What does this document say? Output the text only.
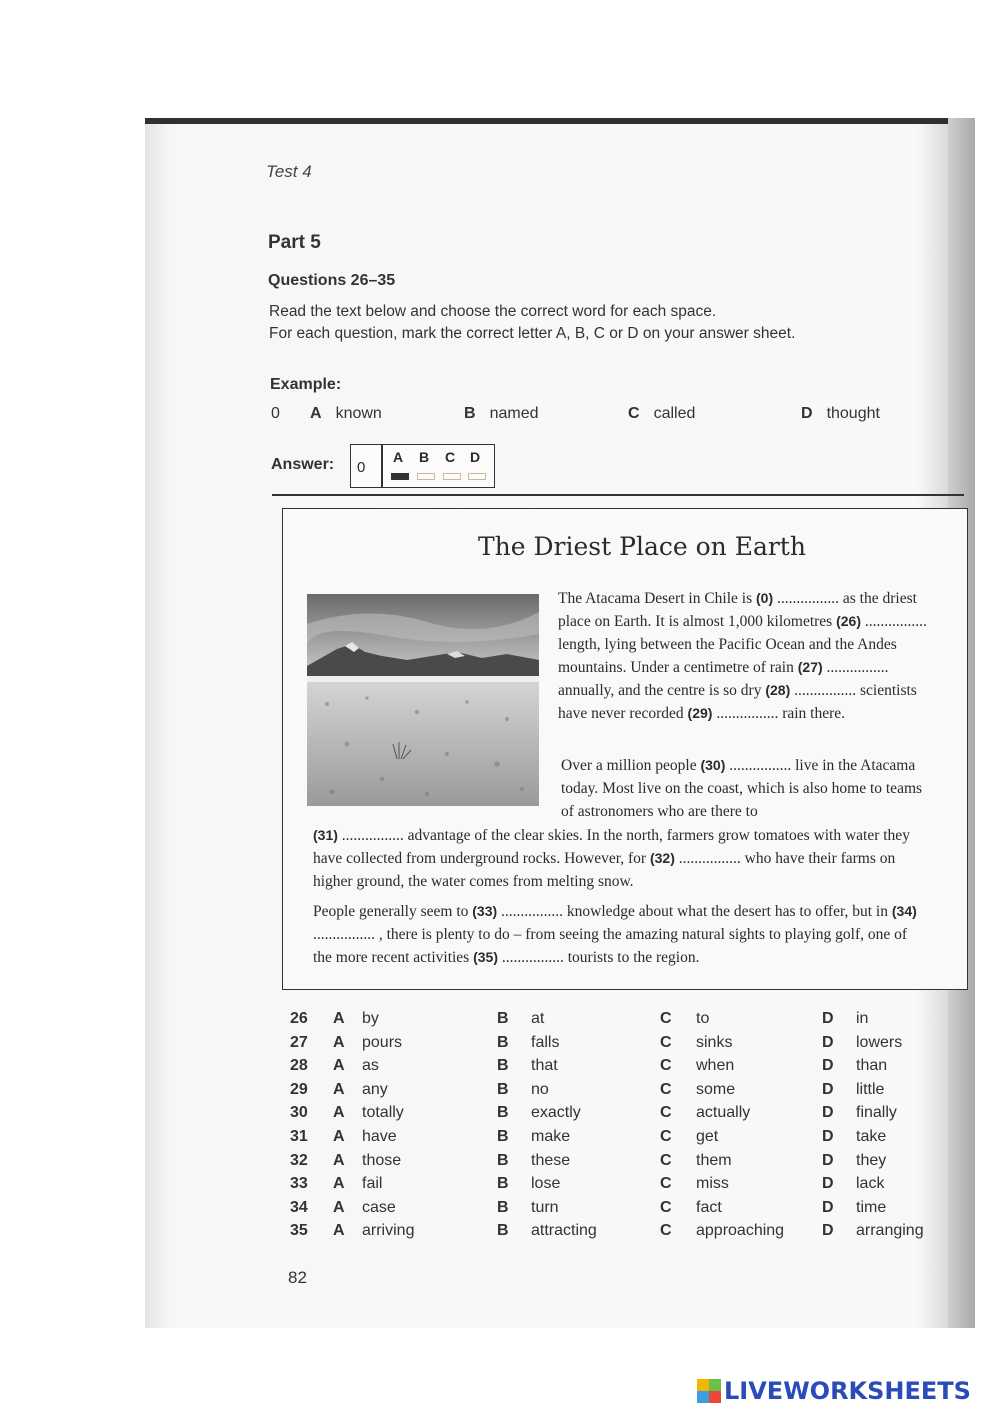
Test 4
Part 5
Questions 26–35
Read the text below and choose the correct word for each space.
For each question, mark the correct letter A, B, C or D on your answer sheet.
Example:
0 A known	B named	C called	D thought
Answer: 0
A B C D
The Driest Place on Earth

The Atacama Desert in Chile is (0) ................ as the driest place on Earth. It is almost 1,000 kilometres (26) ................ length, lying between the Pacific Ocean and the Andes mountains. Under a centimetre of rain (27) ................ annually, and the centre is so dry (28) ................ scientists have never recorded (29) ................ rain there.

Over a million people (30) ................ live in the Atacama today. Most live on the coast, which is also home to teams of astronomers who are there to

(31) ................ advantage of the clear skies. In the north, farmers grow tomatoes with water they have collected from underground rocks. However, for (32) ................ who have their farms on higher ground, the water comes from melting snow.

People generally seem to (33) ................ knowledge about what the desert has to offer, but in (34) ................ , there is plenty to do – from seeing the amazing natural sights to playing golf, one of the more recent activities (35) ................ tourists to the region.

26 A by	B at	C to	D in
27 A pours	B falls	C sinks	D lowers
28 A as	B that	C when	D than
29 A any	B no	C some	D little
30 A totally	B exactly	C actually	D finally
31 A have	B make	C get	D take
32 A those	B these	C them	D they
33 A fail	B lose	C miss	D lack
34 A case	B turn	C fact	D time
35 A arriving	B attracting	C approaching D arranging
82
LIVEWORKSHEETS
